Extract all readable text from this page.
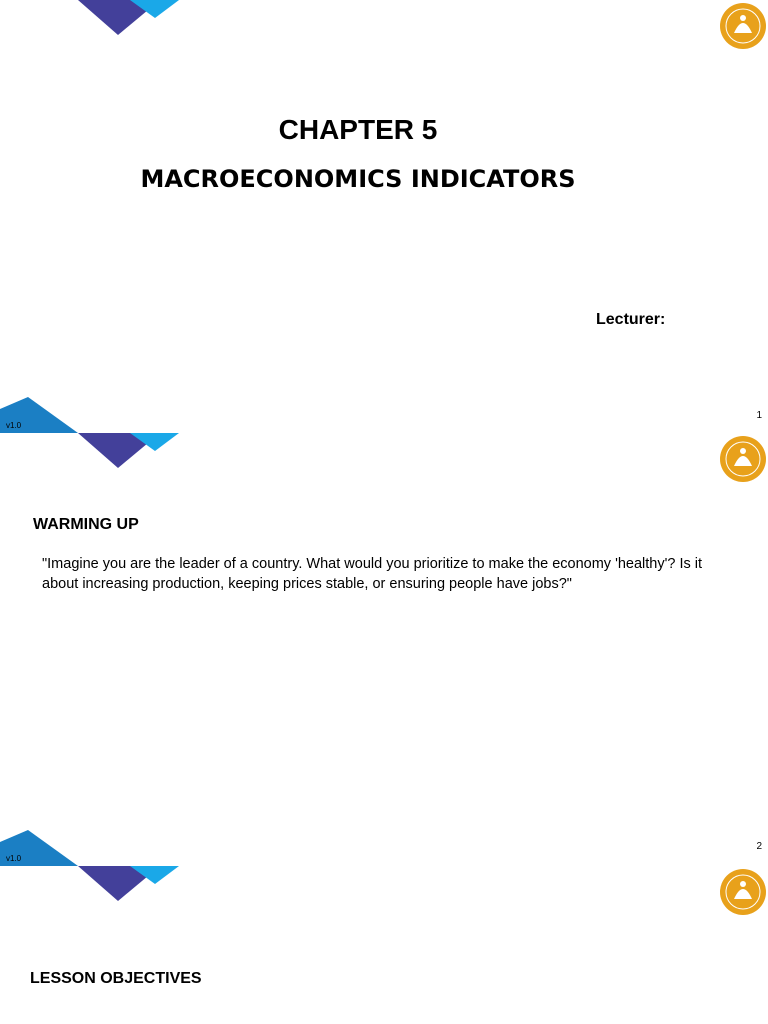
CHAPTER 5
MACROECONOMICS INDICATORS
Lecturer:
v1.0
1
WARMING UP
"Imagine you are the leader of a country. What would you prioritize to make the economy 'healthy'? Is it about increasing production, keeping prices stable, or ensuring people have jobs?"
v1.0
2
LESSON OBJECTIVES
